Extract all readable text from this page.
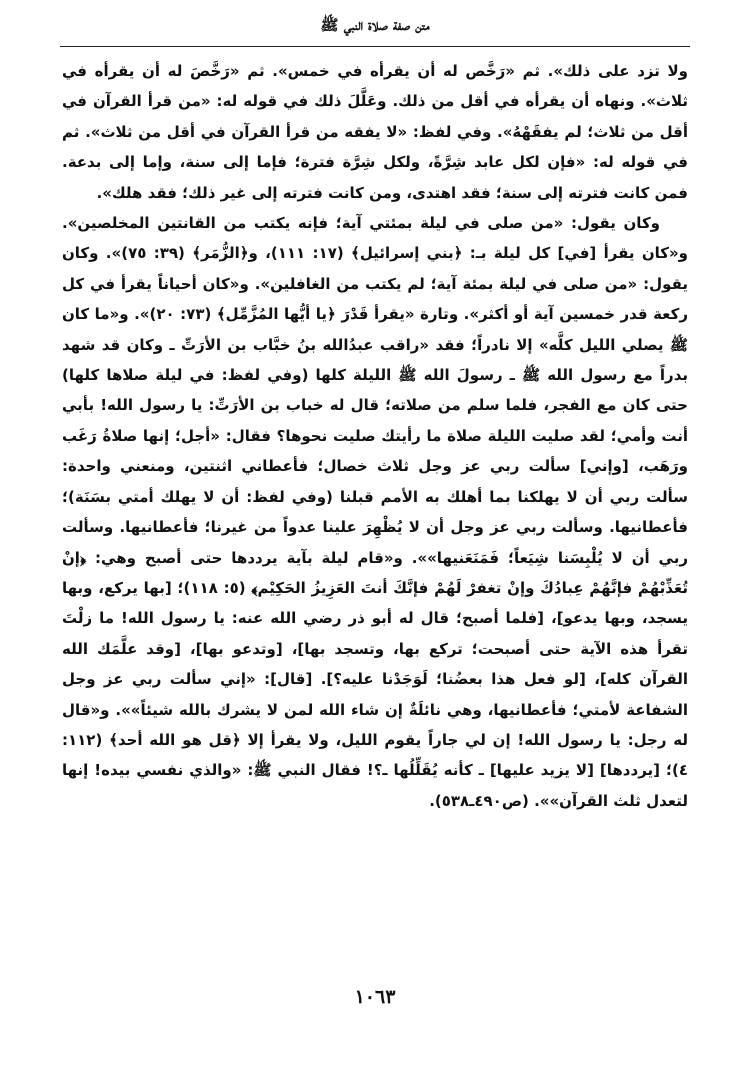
متن صفة صلاة النبي ﷺ

ولا تزد على ذلك». ثم «رَخَّص له أن يقرأه في خمس». ثم «رَخَّصَ له أن يقرأه في ثلاث». ونهاه أن يقرأه في أقل من ذلك. وعَلَّلَ ذلك في قوله له: «من قرأ القرآن في أقل من ثلاث؛ لم يفقَهْهُ». وفي لفظ: «لا يفقه من قرأ القرآن في أقل من ثلاث». ثم في قوله له: «فإن لكل عابد شِرَّةً، ولكل شِرَّة فترة؛ فإما إلى سنة، وإما إلى بدعة. فمن كانت فترته إلى سنة؛ فقد اهتدى، ومن كانت فترته إلى غير ذلك؛ فقد هلك».

وكان يقول: «من صلى في ليلة بمئتي آية؛ فإنه يكتب من القانتين المخلصين». و«كان يقرأ [في] كل ليلة بـ: ﴿بني إسرائيل﴾ (١٧: ١١١)، و﴿الزُّمَر﴾ (٣٩: ٧٥)». وكان يقول: «من صلى في ليلة بمئة آية؛ لم يكتب من الغافلين». و«كان أحياناً يقرأ في كل ركعة قدر خمسين آية أو أكثر». وتارة «يقرأ قَدْرَ ﴿يا أيُّها المُزَّمِّل﴾ (٧٣: ٢٠)». و«ما كان ﷺ يصلي الليل كلَّه» إلا نادراً؛ فقد «راقب عبدُالله بنُ خبَّاب بن الأرَتِّ ـ وكان قد شهد بدراً مع رسول الله ﷺ ـ رسولَ الله ﷺ الليلة كلها (وفي لفظ: في ليلة صلاها كلها) حتى كان مع الفجر، فلما سلم من صلاته؛ قال له خباب بن الأرَتِّ: يا رسول الله! بأبي أنت وأمي؛ لقد صليت الليلة صلاة ما رأيتك صليت نحوها؟ فقال: «أجل؛ إنها صلاةُ رَغَب ورَهَب، [وإني] سألت ربي عز وجل ثلاث خصال؛ فأعطاني اثنتين، ومنعني واحدة: سألت ربي أن لا يهلكنا بما أهلك به الأمم قبلنا (وفي لفظ: أن لا يهلك أمتي بسَنَة)؛ فأعطانيها. وسألت ربي عز وجل أن لا يُظْهِرَ علينا عدواً من غيرنا؛ فأعطانيها. وسألت ربي أن لا يُلْبِسَنا شِيَعاً؛ فَمَنَعَنيها»». و«قام ليلة بآية يرددها حتى أصبح وهي: ﴿إنْ تُعَذِّبْهُمْ فإنَّهُمْ عِبادُكَ وإنْ تغفرْ لَهُمْ فإنَّكَ أنتَ العَزِيزُ الحَكِيْم﴾ (٥: ١١٨)؛ [بها يركع، وبها يسجد، وبها يدعو]، [فلما أصبح؛ قال له أبو ذر رضي الله عنه: يا رسول الله! ما زلْتَ تقرأ هذه الآية حتى أصبحت؛ تركع بها، وتسجد بها]، [وتدعو بها]، [وقد علَّمَك الله القرآن كله]، [لو فعل هذا بعضُنا؛ لَوَجَدْنا عليه؟]. [قال]: «إني سألت ربي عز وجل الشفاعة لأمتي؛ فأعطانيها، وهي نائلَةٌ إن شاء الله لمن لا يشرك بالله شيئاً»». و«قال له رجل: يا رسول الله! إن لي جاراً يقوم الليل، ولا يقرأ إلا ﴿قل هو الله أحد﴾ (١١٢: ٤)؛ [يرددها] [لا يزيد عليها] ـ كأنه يُقَلِّلُها ـ؟! فقال النبي ﷺ: «والذي نفسي بيده! إنها لتعدل ثلث القرآن»». (ص٤٩٠ـ٥٣٨).

١٠٦٣
